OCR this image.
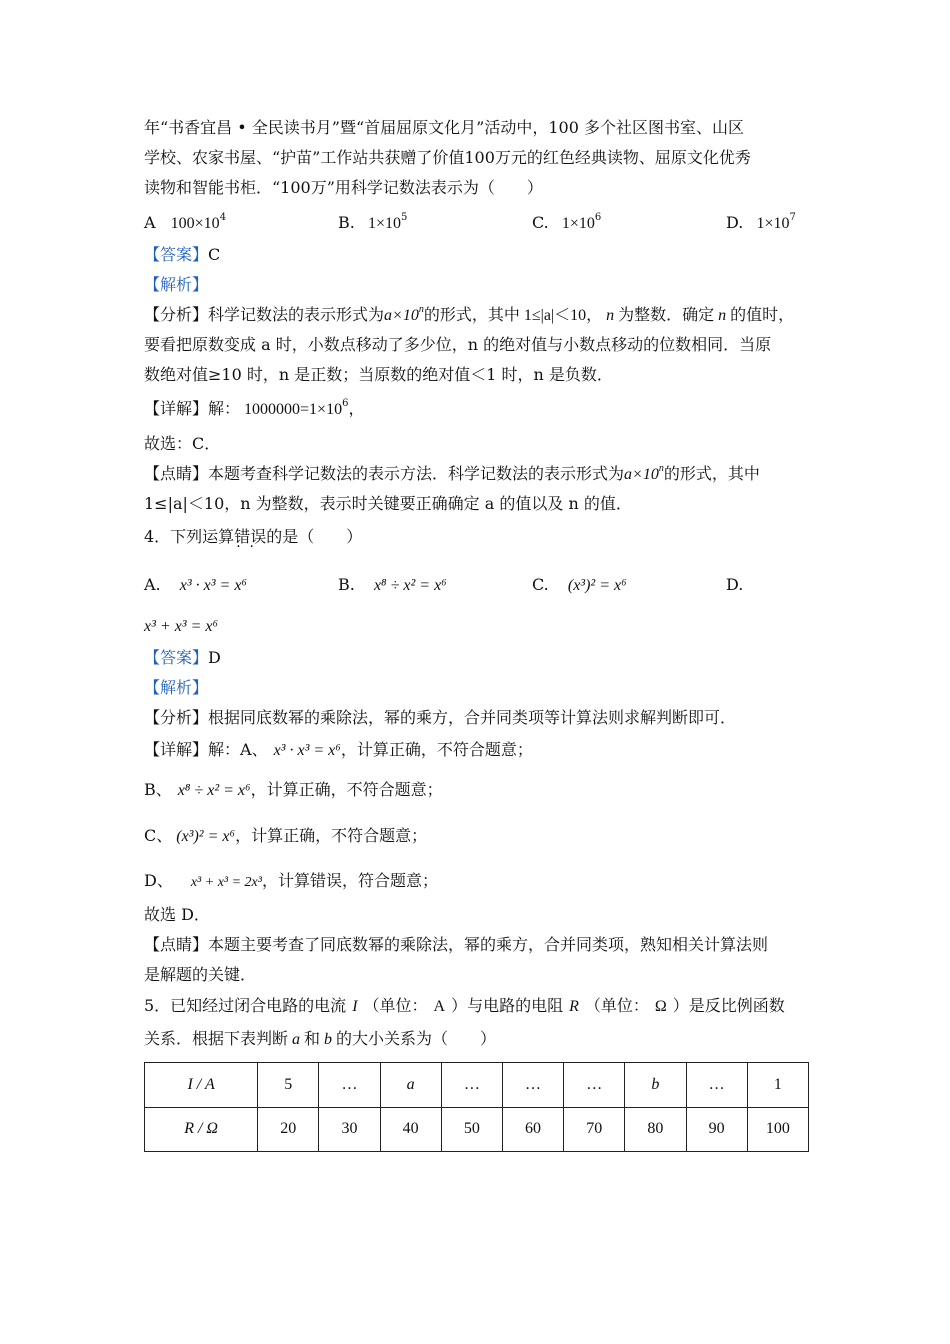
年“书香宜昌 • 全民读书月”暨“首届屈原文化月”活动中，100 多个社区图书室、山区
学校、农家书屋、“护苗”工作站共获赠了价值100万元的红色经典读物、屈原文化优秀
读物和智能书柜．“100万”用科学记数法表示为（　　）
A $100\times 10^4$	B. $1\times 10^5$	C. $1\times 10^6$	D. $1\times 10^7$
【答案】C
【解析】
【分析】科学记数法的表示形式为$a\times 10^n$的形式，其中 1≤|a|＜10， n 为整数．确定 n 的值时，
要看把原数变成 a 时，小数点移动了多少位，n 的绝对值与小数点移动的位数相同．当原
数绝对值≥10 时，n 是正数；当原数的绝对值＜1 时，n 是负数．
【详解】解： $1000000=1\times 10^6$，
故选：C．
【点睛】本题考查科学记数法的表示方法．科学记数法的表示形式为$a\times 10^n$的形式，其中
1≤|a|＜10，n 为整数，表示时关键要正确确定 a 的值以及 n 的值．
4．下列运算错误 ·  ·的是（　　）
A. x³ · x³ = x⁶	B. x⁸ ÷ x² = x⁶	C. (x³)² = x⁶	D.
x³ + x³ = x⁶
【答案】D
【解析】
【分析】根据同底数幂的乘除法，幂的乘方，合并同类项等计算法则求解判断即可．
【详解】解：A、 x³ · x³ = x⁶，计算正确，不符合题意；
B、 x⁸ ÷ x² = x⁶，计算正确，不符合题意；
C、 (x³)² = x⁶，计算正确，不符合题意；
D、 x³ + x³ = 2x³，计算错误，符合题意；
故选 D．
【点睛】本题主要考查了同底数幂的乘除法，幂的乘方，合并同类项，熟知相关计算法则
是解题的关键．
5．已知经过闭合电路的电流 I （单位： A ）与电路的电阻 R （单位： Ω ）是反比例函数
关系．根据下表判断 a 和 b 的大小关系为（　　）
I / A	5	…	a	…	…	…	b	…	1
R / Ω	20	30	40	50	60	70	80	90	100
